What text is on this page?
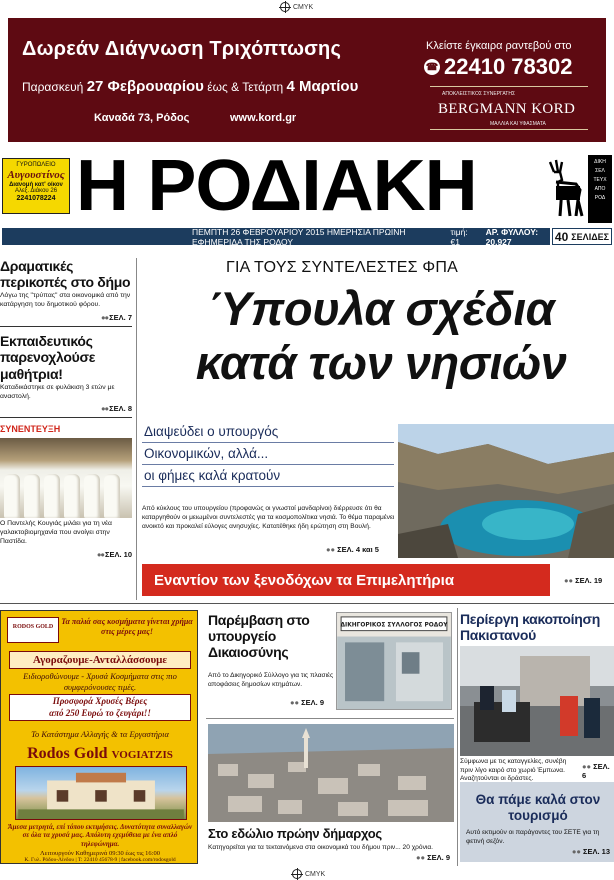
CMYK
Δωρεάν Διάγνωση Τριχόπτωσης
Παρασκευή 27 Φεβρουαρίου έως & Τετάρτη 4 Μαρτίου
Καναδά 73, Ρόδος	www.kord.gr
Κλείστε έγκαιρα ραντεβού στο
☎ 22410 78302
ΑΠΟΚΛΕΙΣΤΙΚΟΣ ΣΥΝΕΡΓΑΤΗΣ
BERGMANN KORD
ΜΑΛΛΙΑ ΚΑΙ ΥΦΑΣΜΑΤΑ
ΓΥΡΟΠΩΛΕΙΟ
Αυγουστίνος
Διανομή κατ' οίκον
Αλεξ. Διάκου 26
2241078224 Η ΡΟΔΙΑΚΗ	ΔΙΚΗ
ΣΕΛ
ΤΕΥΧ
ΑΠΟ
ΡΟΔ
ΠΕΜΠΤΗ 26 ΦΕΒΡΟΥΑΡΙΟΥ 2015 ΗΜΕΡΗΣΙΑ ΠΡΩΙΝΗ ΕΦΗΜΕΡΙΔΑ ΤΗΣ ΡΟΔΟΥ
τιμή: €1
ΑΡ. ΦΥΛΛΟΥ: 20.927	40 ΣΕΛΙΔΕΣ
Δραματικές περικοπές στο δήμο
Λόγω της "τρύπας" στα οικονομικά από την κατάργηση του δημοτικού φόρου.
●● ΣΕΛ. 7
Εκπαιδευτικός παρενοχλούσε μαθήτρια!
Καταδικάστηκε σε φυλάκιση 3 ετών με αναστολή.
●● ΣΕΛ. 8
ΣΥΝΕΝΤΕΥΞΗ
Ο Παντελής Κουγιάς μιλάει για τη νέα γαλακτοβιομηχανία που ανοίγει στην Παστίδα.
●● ΣΕΛ. 10
ΓΙΑ ΤΟΥΣ ΣΥΝΤΕΛΕΣΤΕΣ ΦΠΑ
Ύπουλα σχέδια
κατά των νησιών
Διαψεύδει ο υπουργός
Οικονομικών, αλλά...
οι φήμες καλά κρατούν
Από κύκλους του υπουργείου (προφανώς οι γνωστοί μανδαρίνοι) διέρρευσε ότι θα καταργηθούν οι μειωμένοι συντελεστές για τα κοσμοπολίτικα νησιά. Το θέμα παραμένει ανοικτό και προκαλεί εύλογες ανησυχίες. Κατατέθηκε ήδη ερώτηση στη Βουλή.
●● ΣΕΛ. 4 και 5
Εναντίον των ξενοδόχων τα Επιμελητήρια	●● ΣΕΛ. 19
RODOS GOLD
Τα παλιά σας κοσμήματα γίνεται χρήμα στις μέρες μας!
Αγοραζουμε-Ανταλλάσσουμε
Ειδιοροθώνουμε - Χρυσά Κοσμήματα στις πιο συμφερόνουσες τιμές.
Προσφορά Χρυσές Βέρες
από 250 Ευρώ το ζευγάρι!!
Το Κατάστημα Αλλαγής & τα Εργαστήρια
Rodos Gold VOGIATZIS
Άμεσα μετρητά, επί τόπου εκτιμήσεις. Δυνατότητα συναλλαγών σε όλα τα χρυσά μας. Απόλυτη εχεμύθεια με ένα απλό τηλεφώνημα.
Λειτουργούν Καθημερινά 09:30 έως τις 16:00
Κ. Γυλ. Ρόδου-Λίνδου | Τ: 22410 45678-9 | facebook.com/rodosgold
Παρέμβαση στο υπουργείο Δικαιοσύνης
ΔΙΚΗΓΟΡΙΚΟΣ ΣΥΛΛΟΓΟΣ ΡΟΔΟΥ
Από το Δικηγορικό Σύλλογο για τις πλασιές αποφάσεις δημοσίων κτημάτων.
●● ΣΕΛ. 9
Στο εδώλιο πρώην δήμαρχος
Κατηγορείται για τα τεκταινόμενα στα οικονομικά του δήμου πριν... 20 χρόνια.
●● ΣΕΛ. 9
Περίεργη κακοποίηση Πακιστανού
Σύμφωνα με τις καταγγελίες, συνέβη πριν λίγο καιρό στο χωριό Έμπωνα. Αναζητούνται οι δράστες.
●● ΣΕΛ. 6
Θα πάμε καλά στον τουρισμό
Αυτό εκτιμούν οι παράγοντες του ΣΕΤΕ για τη φετινή σεζόν.
●● ΣΕΛ. 13
CMYK
